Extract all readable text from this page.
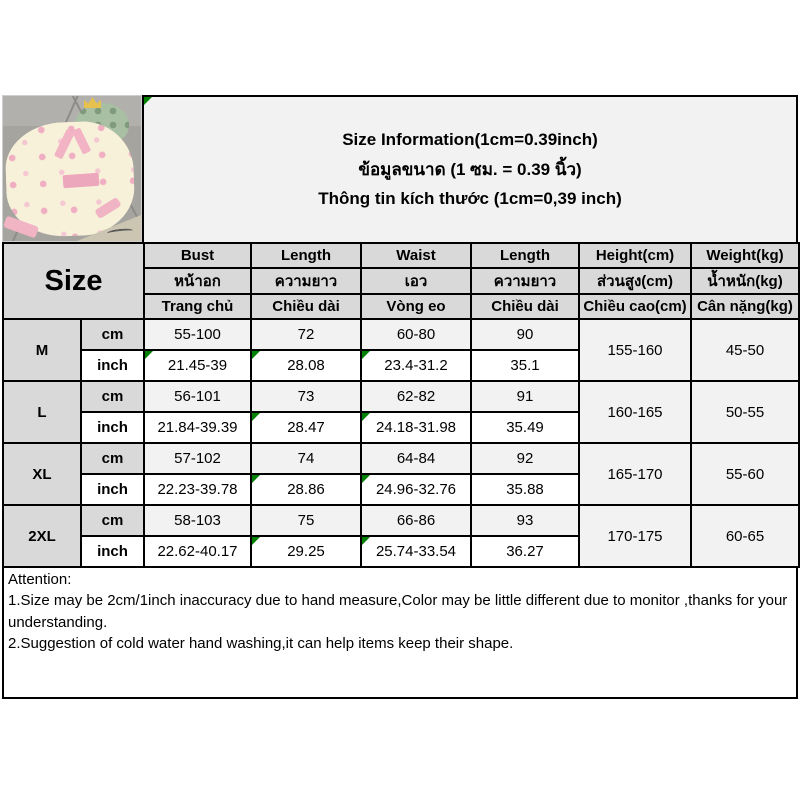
Size Information(1cm=0.39inch)
ข้อมูลขนาด (1 ซม. = 0.39 นิ้ว)
Thông tin kích thước (1cm=0,39 inch)
Size		Bust	Length	Waist	Length	Height(cm)	Weight(kg)
		หน้าอก	ความยาว	เอว	ความยาว	ส่วนสูง(cm)	น้ำหนัก(kg)
		Trang chủ	Chiều dài	Vòng eo	Chiều dài	Chiều cao(cm)	Cân nặng(kg)
M	cm	55-100	72	60-80	90	155-160	45-50
	inch	21.45-39	28.08	23.4-31.2	35.1		
L	cm	56-101	73	62-82	91	160-165	50-55
	inch	21.84-39.39	28.47	24.18-31.98	35.49		
XL	cm	57-102	74	64-84	92	165-170	55-60
	inch	22.23-39.78	28.86	24.96-32.76	35.88		
2XL	cm	58-103	75	66-86	93	170-175	60-65
	inch	22.62-40.17	29.25	25.74-33.54	36.27		
Attention:
1.Size may be 2cm/1inch inaccuracy due to hand measure,Color may be little different due to monitor ,thanks for your understanding.
2.Suggestion of cold water hand washing,it can help items keep their shape.
